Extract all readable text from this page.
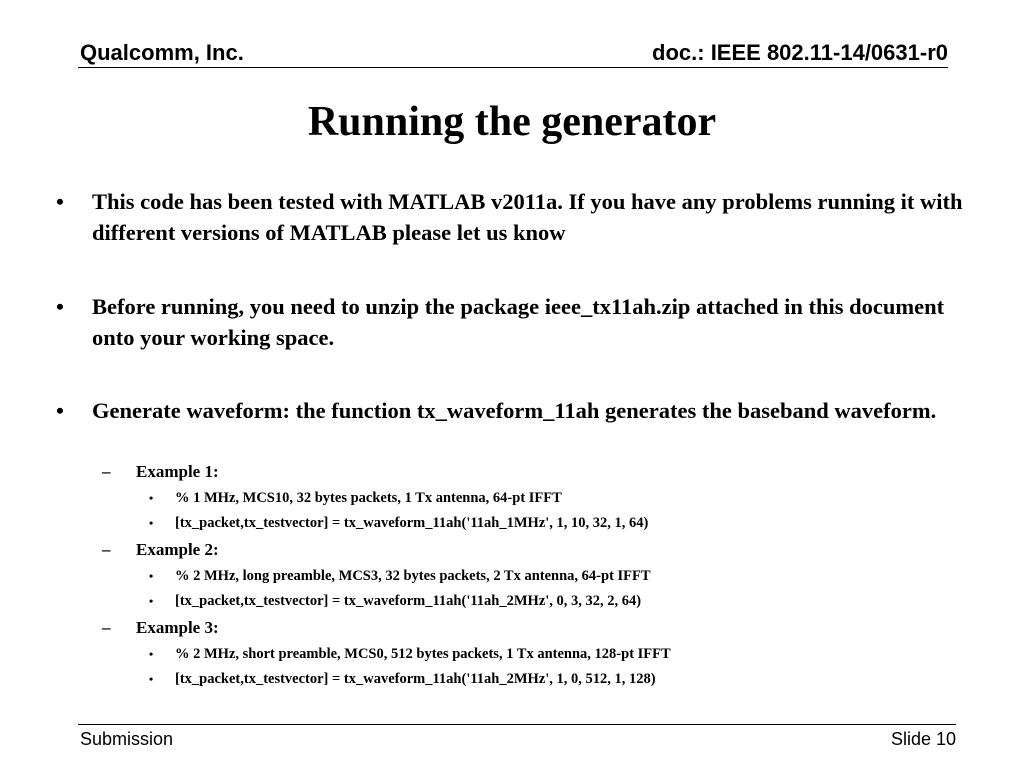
Qualcomm, Inc.	doc.: IEEE 802.11-14/0631-r0
Running the generator
• This code has been tested with MATLAB v2011a. If you have any problems running it with different versions of MATLAB please let us know
• Before running, you need to unzip the package ieee_tx11ah.zip attached in this document onto your working space.
• Generate waveform: the function tx_waveform_11ah generates the baseband waveform.
– Example 1:
• % 1 MHz, MCS10, 32 bytes packets, 1 Tx antenna, 64-pt IFFT
• [tx_packet,tx_testvector] = tx_waveform_11ah('11ah_1MHz', 1, 10, 32, 1, 64)
– Example 2:
• % 2 MHz, long preamble, MCS3, 32 bytes packets, 2 Tx antenna, 64-pt IFFT
• [tx_packet,tx_testvector] = tx_waveform_11ah('11ah_2MHz', 0, 3, 32, 2, 64)
– Example 3:
• % 2 MHz, short preamble, MCS0, 512 bytes packets, 1 Tx antenna, 128-pt IFFT
• [tx_packet,tx_testvector] = tx_waveform_11ah('11ah_2MHz', 1, 0, 512, 1, 128)
Submission	Slide 10
